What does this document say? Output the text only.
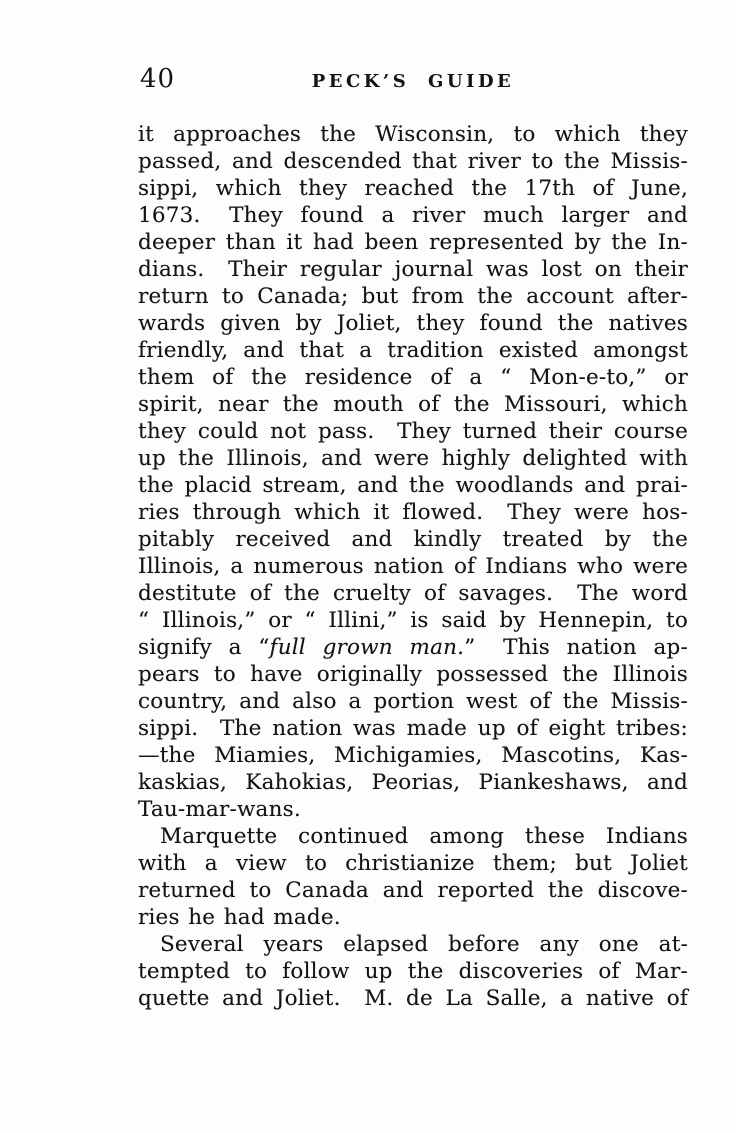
40	PECK’S GUIDE
it approaches the Wisconsin, to which they
passed, and descended that river to the Missis-
sippi, which they reached the 17th of June,
1673.  They found a river much larger and
deeper than it had been represented by the In-
dians.  Their regular journal was lost on their
return to Canada; but from the account after-
wards given by Joliet, they found the natives
friendly, and that a tradition existed amongst
them of the residence of a “ Mon-e-to,” or
spirit, near the mouth of the Missouri, which
they could not pass.  They turned their course
up the Illinois, and were highly delighted with
the placid stream, and the woodlands and prai-
ries through which it flowed.  They were hos-
pitably received and kindly treated by the
Illinois, a numerous nation of Indians who were
destitute of the cruelty of savages.  The word
“ Illinois,” or “ Illini,” is said by Hennepin, to
signify a “full grown man.”  This nation ap-
pears to have originally possessed the Illinois
country, and also a portion west of the Missis-
sippi.  The nation was made up of eight tribes:
—the Miamies, Michigamies, Mascotins, Kas-
kaskias, Kahokias, Peorias, Piankeshaws, and
Tau-mar-wans.
Marquette continued among these Indians
with a view to christianize them; but Joliet
returned to Canada and reported the discove-
ries he had made.
Several years elapsed before any one at-
tempted to follow up the discoveries of Mar-
quette and Joliet.  M. de La Salle, a native of
